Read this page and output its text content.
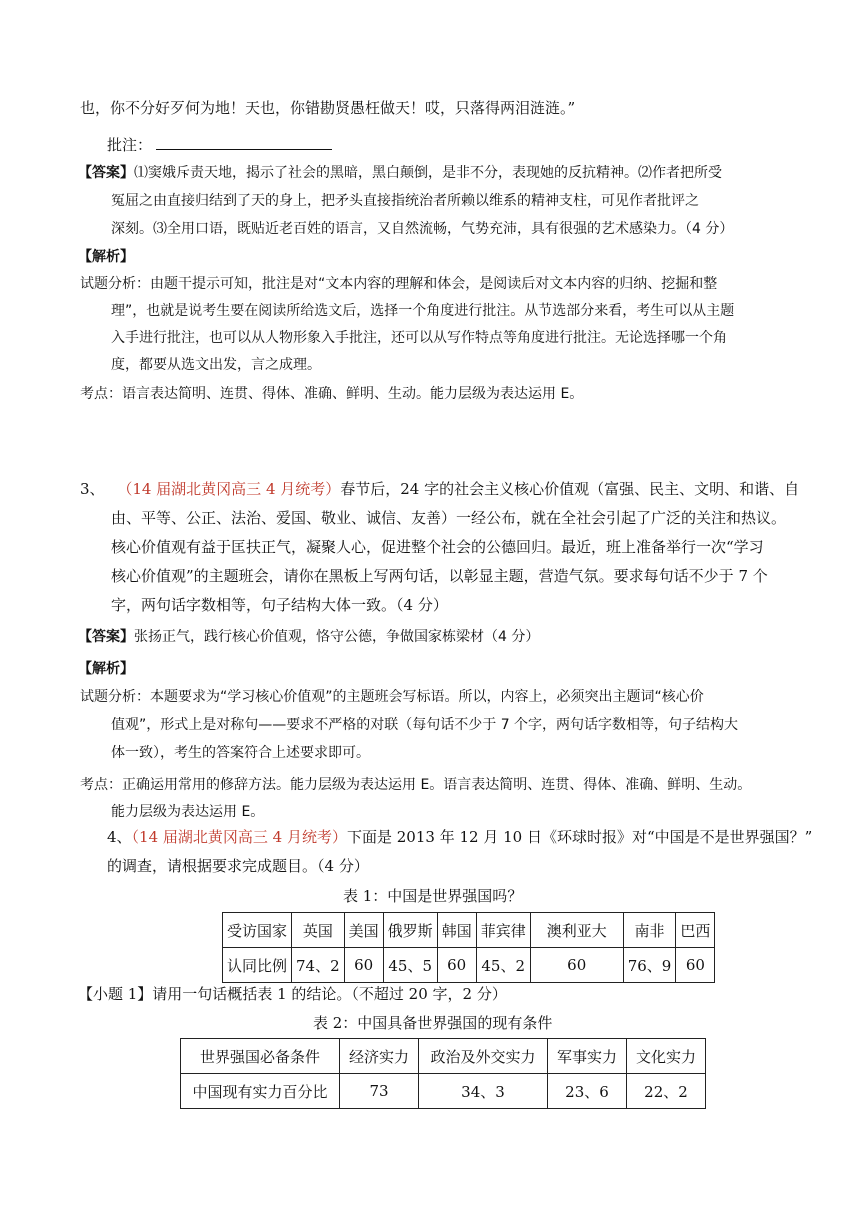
也，你不分好歹何为地！天也，你错勘贤愚枉做天！哎，只落得两泪涟涟。”
批注：
【答案】⑴窦娥斥责天地，揭示了社会的黑暗，黑白颠倒，是非不分，表现她的反抗精神。⑵作者把所受
冤屈之由直接归结到了天的身上，把矛头直接指统治者所赖以维系的精神支柱，可见作者批评之
深刻。⑶全用口语，既贴近老百姓的语言，又自然流畅，气势充沛，具有很强的艺术感染力。（4 分）
【解析】
试题分析：由题干提示可知，批注是对“文本内容的理解和体会，是阅读后对文本内容的归纳、挖掘和整
理”，也就是说考生要在阅读所给选文后，选择一个角度进行批注。从节选部分来看，考生可以从主题
入手进行批注，也可以从人物形象入手批注，还可以从写作特点等角度进行批注。无论选择哪一个角
度，都要从选文出发，言之成理。
考点：语言表达简明、连贯、得体、准确、鲜明、生动。能力层级为表达运用 E。
3、 （14 届湖北黄冈高三 4 月统考）春节后，24 字的社会主义核心价值观（富强、民主、文明、和谐、自
由、平等、公正、法治、爱国、敬业、诚信、友善）一经公布，就在全社会引起了广泛的关注和热议。
核心价值观有益于匡扶正气，凝聚人心，促进整个社会的公德回归。最近，班上准备举行一次“学习
核心价值观”的主题班会，请你在黑板上写两句话，以彰显主题，营造气氛。要求每句话不少于 7 个
字，两句话字数相等，句子结构大体一致。（4 分）
【答案】张扬正气，践行核心价值观，恪守公德，争做国家栋梁材（4 分）
【解析】
试题分析：本题要求为“学习核心价值观”的主题班会写标语。所以，内容上，必须突出主题词“核心价
值观”，形式上是对称句——要求不严格的对联（每句话不少于 7 个字，两句话字数相等，句子结构大
体一致），考生的答案符合上述要求即可。
考点：正确运用常用的修辞方法。能力层级为表达运用 E。语言表达简明、连贯、得体、准确、鲜明、生动。
能力层级为表达运用 E。
4、（14 届湖北黄冈高三 4 月统考）下面是 2013 年 12 月 10 日《环球时报》对“中国是不是世界强国？”
的调查，请根据要求完成题目。（4 分）
表 1：中国是世界强国吗？
受访国家	英国	美国	俄罗斯	韩国	菲宾律	澳利亚大	南非	巴西
认同比例	74、2	60	45、5	60	45、2	60	76、9	60
【小题 1】请用一句话概括表 1 的结论。（不超过 20 字，2 分）
表 2：中国具备世界强国的现有条件
世界强国必备条件	经济实力	政治及外交实力	军事实力	文化实力
中国现有实力百分比	73	34、3	23、6	22、2
